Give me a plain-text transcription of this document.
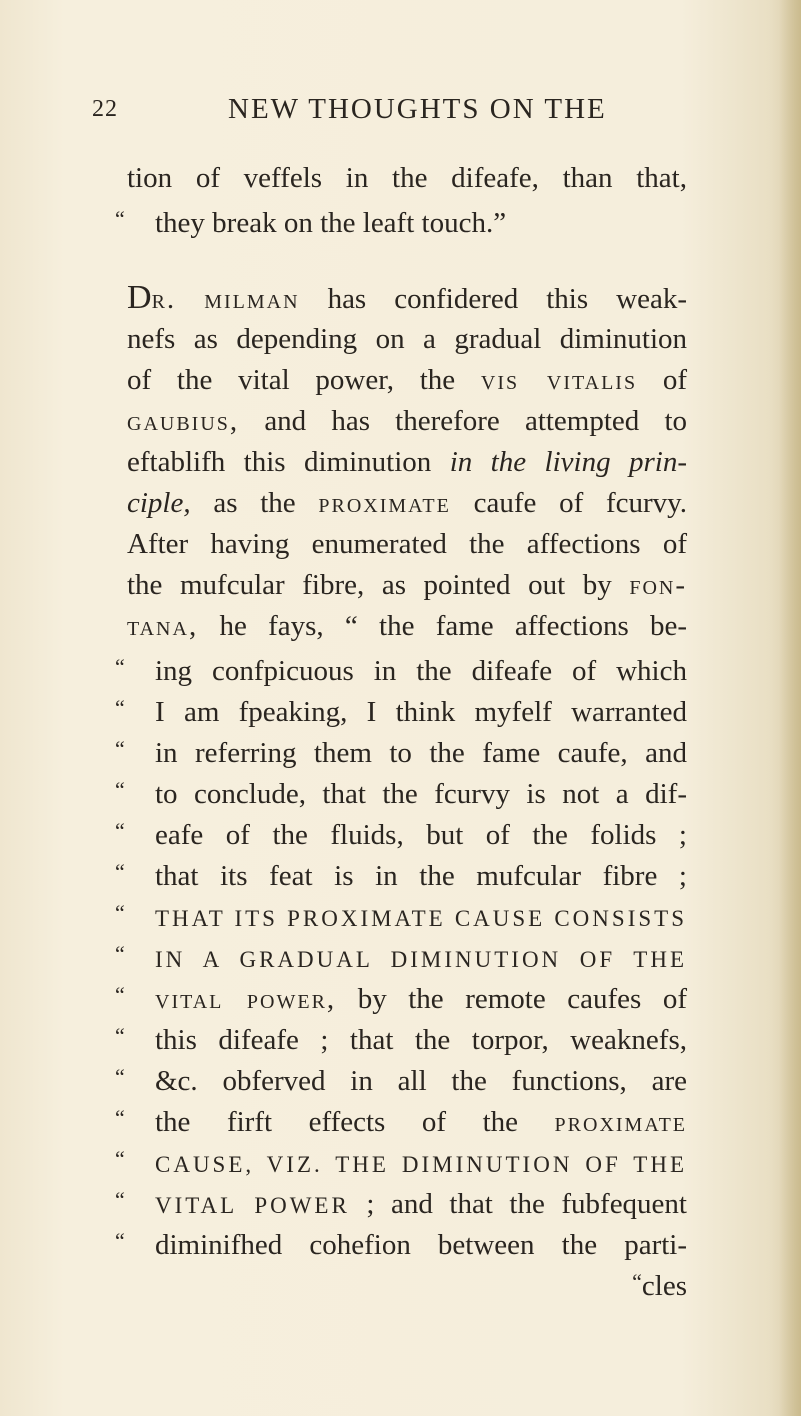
22	NEW THOUGHTS ON THE
tion of veffels in the difeafe, than that,
“ they break on the leaft touch.”
Dr. milman has confidered this weak-
nefs as depending on a gradual diminution
of the vital power, the vis vitalis of
gaubius, and has therefore attempted to
eftablifh this diminution in the living prin-
ciple, as the proximate caufe of fcurvy.
After having enumerated the affections of
the mufcular fibre, as pointed out by fon-
tana, he fays, “ the fame affections be-
“ ing confpicuous in the difeafe of which
“ I am fpeaking, I think myfelf warranted
“ in referring them to the fame caufe, and
“ to conclude, that the fcurvy is not a dif-
“ eafe of the fluids, but of the folids ;
“ that its feat is in the mufcular fibre ;
“ THAT ITS PROXIMATE CAUSE CONSISTS
“ IN A GRADUAL DIMINUTION OF THE
“ vital power, by the remote caufes of
“ this difeafe ; that the torpor, weaknefs,
“ &c. obferved in all the functions, are
“ the firft effects of the proximate
“ CAUSE, VIZ. THE DIMINUTION OF THE
“ VITAL POWER ; and that the fubfequent
“ diminifhed cohefion between the parti-
“cles
